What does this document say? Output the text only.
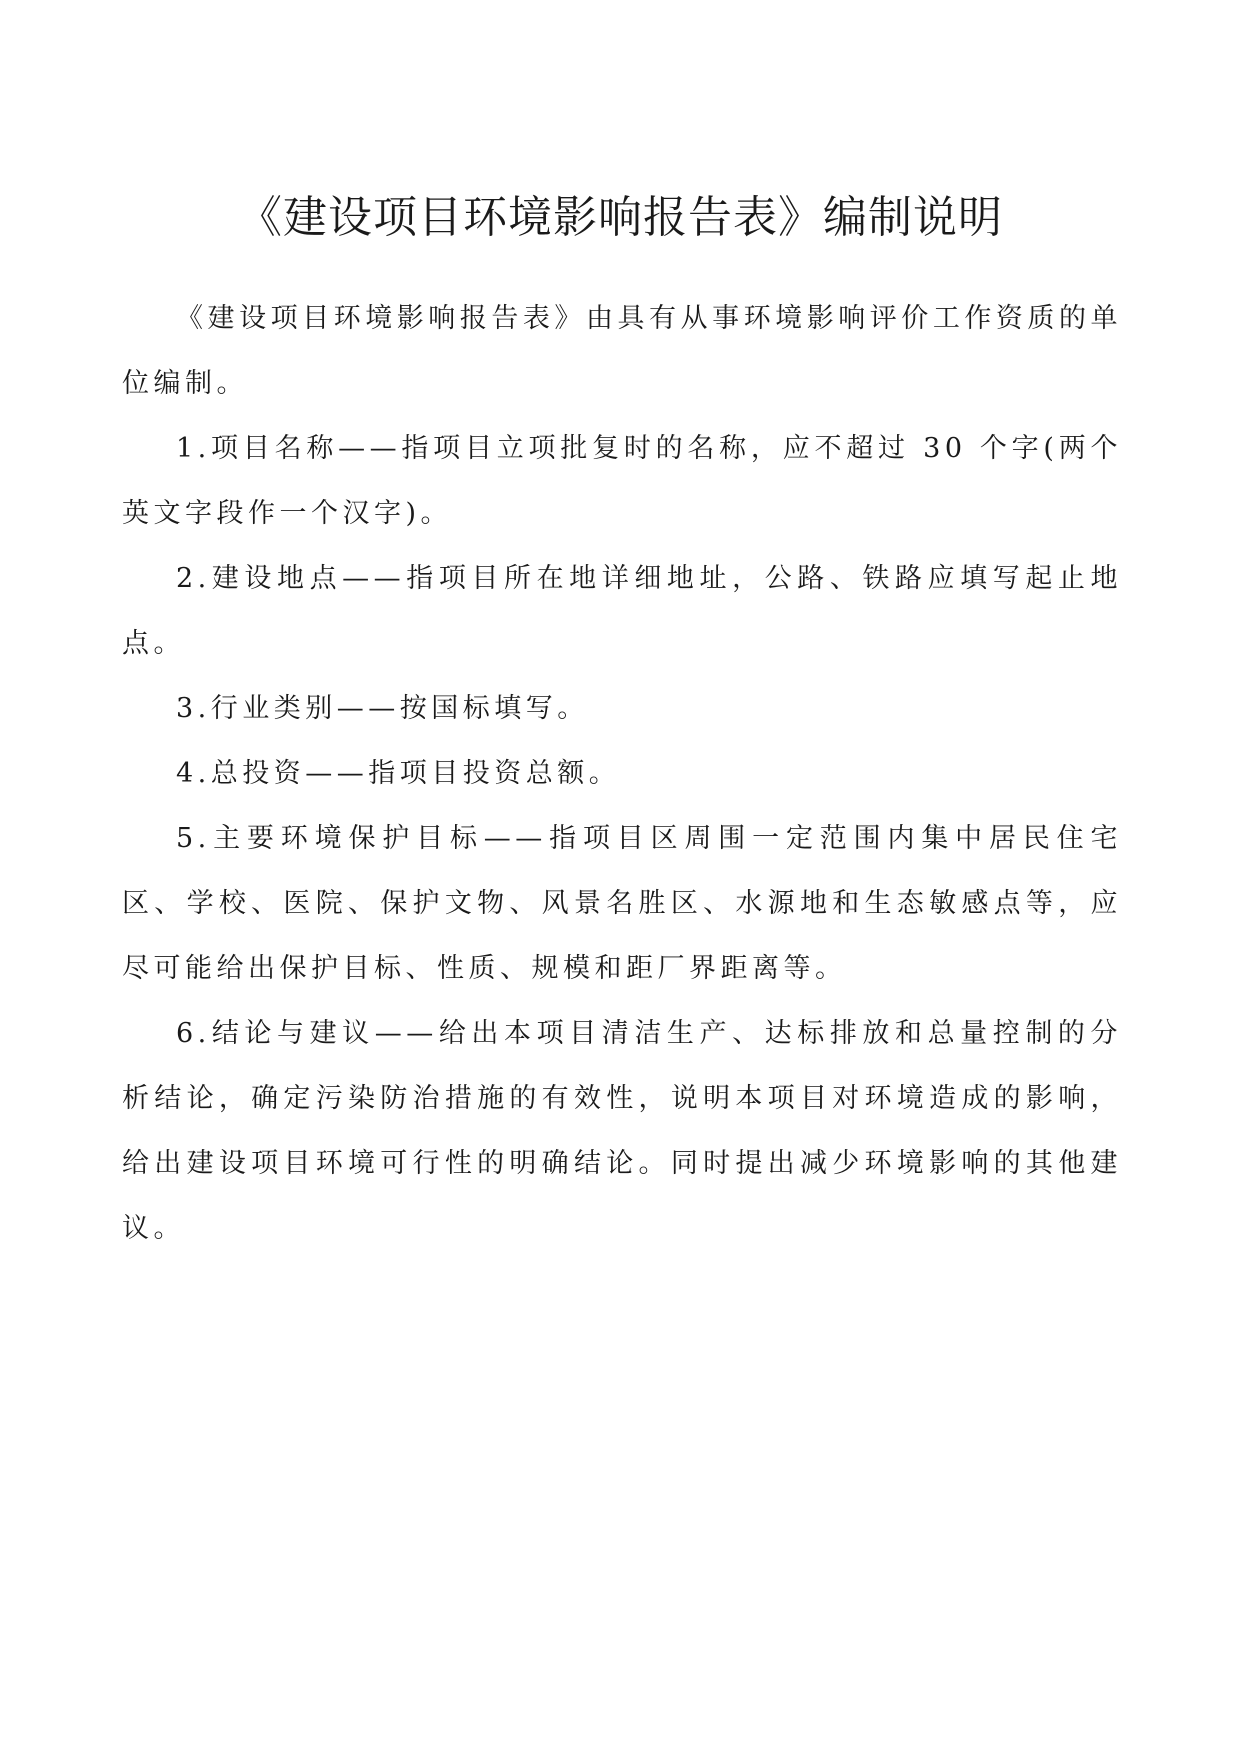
《建设项目环境影响报告表》编制说明

《建设项目环境影响报告表》由具有从事环境影响评价工作资质的单位编制。

1.项目名称——指项目立项批复时的名称，应不超过 30 个字(两个英文字段作一个汉字)。

2.建设地点——指项目所在地详细地址，公路、铁路应填写起止地点。

3.行业类别——按国标填写。

4.总投资——指项目投资总额。

5.主要环境保护目标——指项目区周围一定范围内集中居民住宅区、学校、医院、保护文物、风景名胜区、水源地和生态敏感点等，应尽可能给出保护目标、性质、规模和距厂界距离等。

6.结论与建议——给出本项目清洁生产、达标排放和总量控制的分析结论，确定污染防治措施的有效性，说明本项目对环境造成的影响，给出建设项目环境可行性的明确结论。同时提出减少环境影响的其他建议。
